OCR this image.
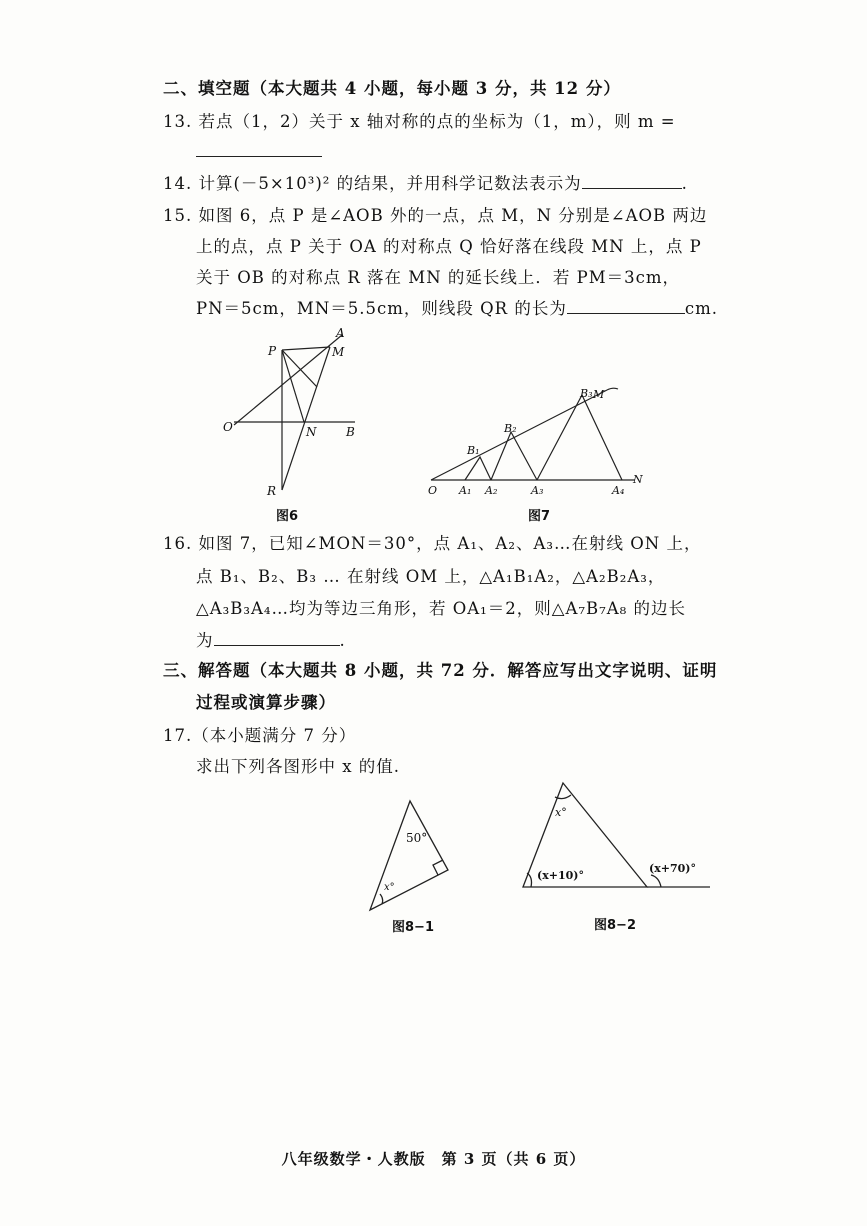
二、填空题（本大题共 4 小题，每小题 3 分，共 12 分）
13. 若点（1，2）关于 x 轴对称的点的坐标为（1，m），则 m =
14. 计算(－5×10³)² 的结果，并用科学记数法表示为	.
15. 如图 6，点 P 是∠AOB 外的一点，点 M，N 分别是∠AOB 两边
上的点，点 P 关于 OA 的对称点 Q 恰好落在线段 MN 上，点 P
关于 OB 的对称点 R 落在 MN 的延长线上．若 PM＝3cm，
PN＝5cm，MN＝5.5cm，则线段 QR 的长为	cm.
A
P	M
O	N B
R
图6
B₃ M
B₂
B₁
O A₁ A₂	A₃	A₄
N
图7
16. 如图 7，已知∠MON＝30°，点 A₁、A₂、A₃…在射线 ON 上，
点 B₁、B₂、B₃ … 在射线 OM 上，△A₁B₁A₂，△A₂B₂A₃，
△A₃B₃A₄…均为等边三角形，若 OA₁＝2，则△A₇B₇A₈ 的边长
为	.
三、解答题（本大题共 8 小题，共 72 分．解答应写出文字说明、证明
过程或演算步骤）
17.（本小题满分 7 分）
求出下列各图形中 x 的值.
50°
x°
图8−1
x°
(x+10)°
(x+70)°
图8−2
八年级数学・人教版　第 3 页（共 6 页）
